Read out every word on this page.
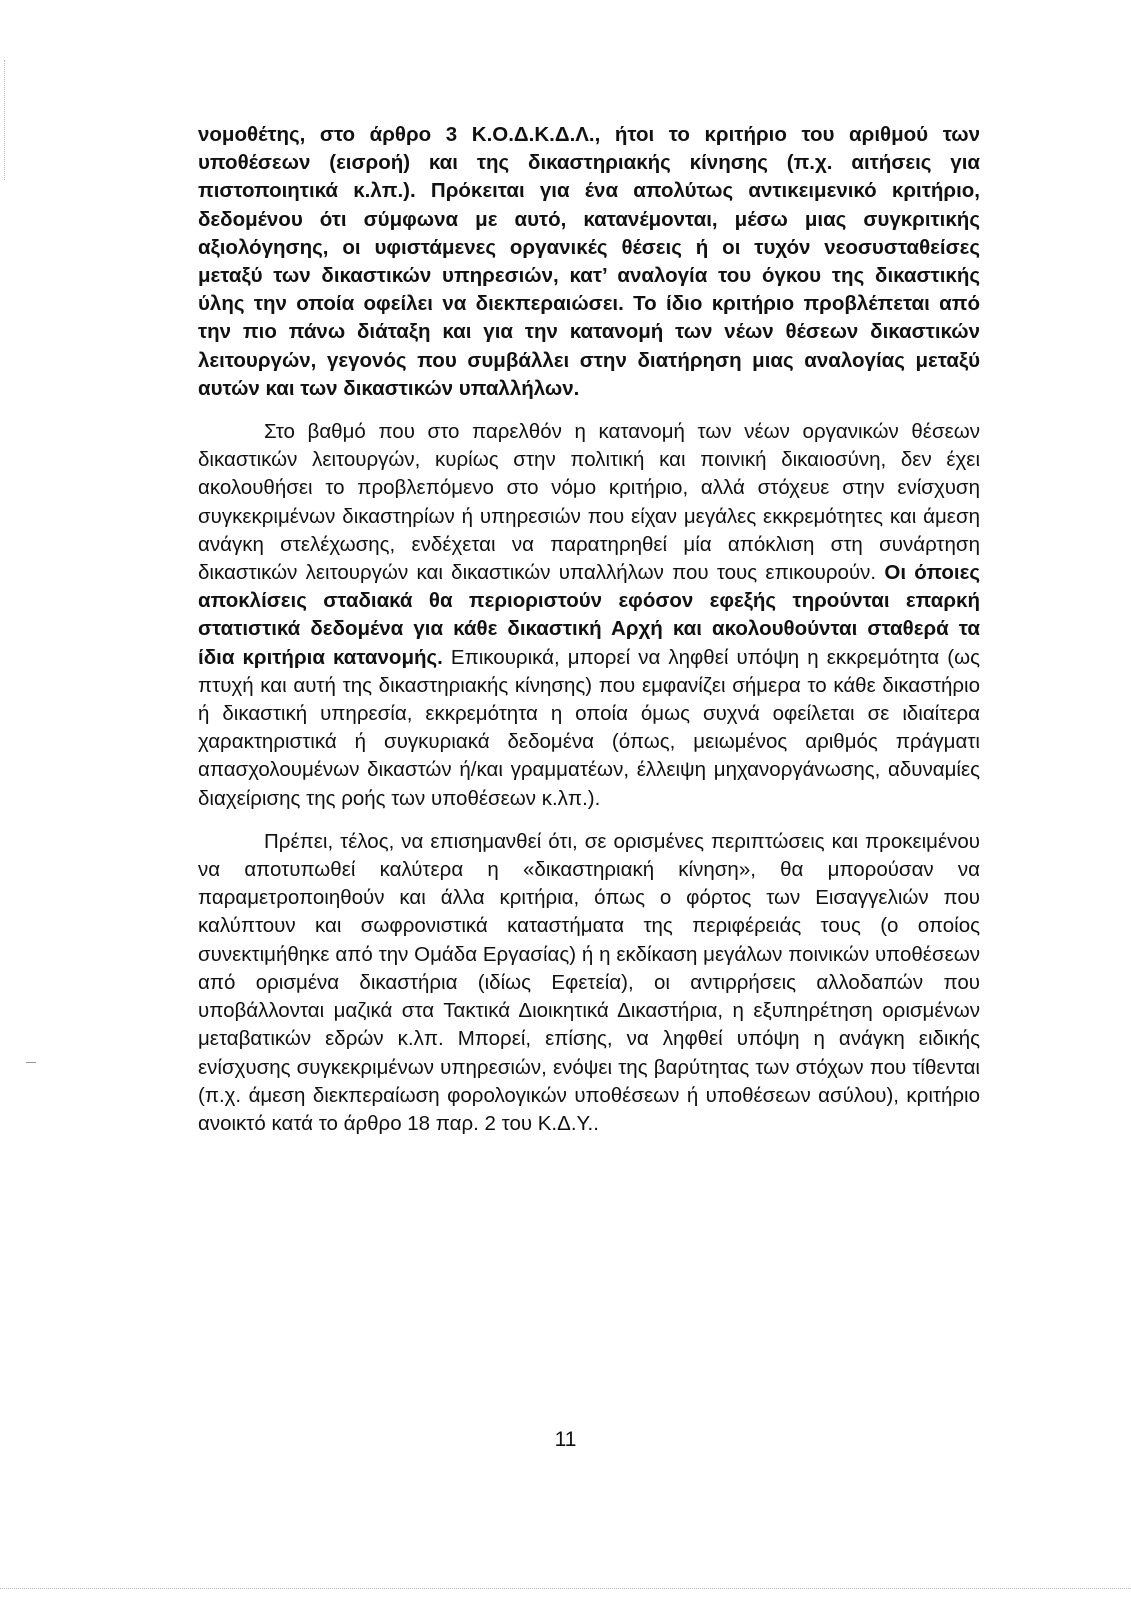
νομοθέτης, στο άρθρο 3 Κ.Ο.Δ.Κ.Δ.Λ., ήτοι το κριτήριο του αριθμού των υποθέσεων (εισροή) και της δικαστηριακής κίνησης (π.χ. αιτήσεις για πιστοποιητικά κ.λπ.). Πρόκειται για ένα απολύτως αντικειμενικό κριτήριο, δεδομένου ότι σύμφωνα με αυτό, κατανέμονται, μέσω μιας συγκριτικής αξιολόγησης, οι υφιστάμενες οργανικές θέσεις ή οι τυχόν νεοσυσταθείσες μεταξύ των δικαστικών υπηρεσιών, κατ’ αναλογία του όγκου της δικαστικής ύλης την οποία οφείλει να διεκπεραιώσει. Το ίδιο κριτήριο προβλέπεται από την πιο πάνω διάταξη και για την κατανομή των νέων θέσεων δικαστικών λειτουργών, γεγονός που συμβάλλει στην διατήρηση μιας αναλογίας μεταξύ αυτών και των δικαστικών υπαλλήλων.

Στο βαθμό που στο παρελθόν η κατανομή των νέων οργανικών θέσεων δικαστικών λειτουργών, κυρίως στην πολιτική και ποινική δικαιοσύνη, δεν έχει ακολουθήσει το προβλεπόμενο στο νόμο κριτήριο, αλλά στόχευε στην ενίσχυση συγκεκριμένων δικαστηρίων ή υπηρεσιών που είχαν μεγάλες εκκρεμότητες και άμεση ανάγκη στελέχωσης, ενδέχεται να παρατηρηθεί μία απόκλιση στη συνάρτηση δικαστικών λειτουργών και δικαστικών υπαλλήλων που τους επικουρούν. Οι όποιες αποκλίσεις σταδιακά θα περιοριστούν εφόσον εφεξής τηρούνται επαρκή στατιστικά δεδομένα για κάθε δικαστική Αρχή και ακολουθούνται σταθερά τα ίδια κριτήρια κατανομής. Επικουρικά, μπορεί να ληφθεί υπόψη η εκκρεμότητα (ως πτυχή και αυτή της δικαστηριακής κίνησης) που εμφανίζει σήμερα το κάθε δικαστήριο ή δικαστική υπηρεσία, εκκρεμότητα η οποία όμως συχνά οφείλεται σε ιδιαίτερα χαρακτηριστικά ή συγκυριακά δεδομένα (όπως, μειωμένος αριθμός πράγματι απασχολουμένων δικαστών ή/και γραμματέων, έλλειψη μηχανοργάνωσης, αδυναμίες διαχείρισης της ροής των υποθέσεων κ.λπ.).

Πρέπει, τέλος, να επισημανθεί ότι, σε ορισμένες περιπτώσεις και προκειμένου να αποτυπωθεί καλύτερα η «δικαστηριακή κίνηση», θα μπορούσαν να παραμετροποιηθούν και άλλα κριτήρια, όπως ο φόρτος των Εισαγγελιών που καλύπτουν και σωφρονιστικά καταστήματα της περιφέρειάς τους (ο οποίος συνεκτιμήθηκε από την Ομάδα Εργασίας) ή η εκδίκαση μεγάλων ποινικών υποθέσεων από ορισμένα δικαστήρια (ιδίως Εφετεία), οι αντιρρήσεις αλλοδαπών που υποβάλλονται μαζικά στα Τακτικά Διοικητικά Δικαστήρια, η εξυπηρέτηση ορισμένων μεταβατικών εδρών κ.λπ. Μπορεί, επίσης, να ληφθεί υπόψη η ανάγκη ειδικής ενίσχυσης συγκεκριμένων υπηρεσιών, ενόψει της βαρύτητας των στόχων που τίθενται (π.χ. άμεση διεκπεραίωση φορολογικών υποθέσεων ή υποθέσεων ασύλου), κριτήριο ανοικτό κατά το άρθρο 18 παρ. 2 του Κ.Δ.Υ..

11
